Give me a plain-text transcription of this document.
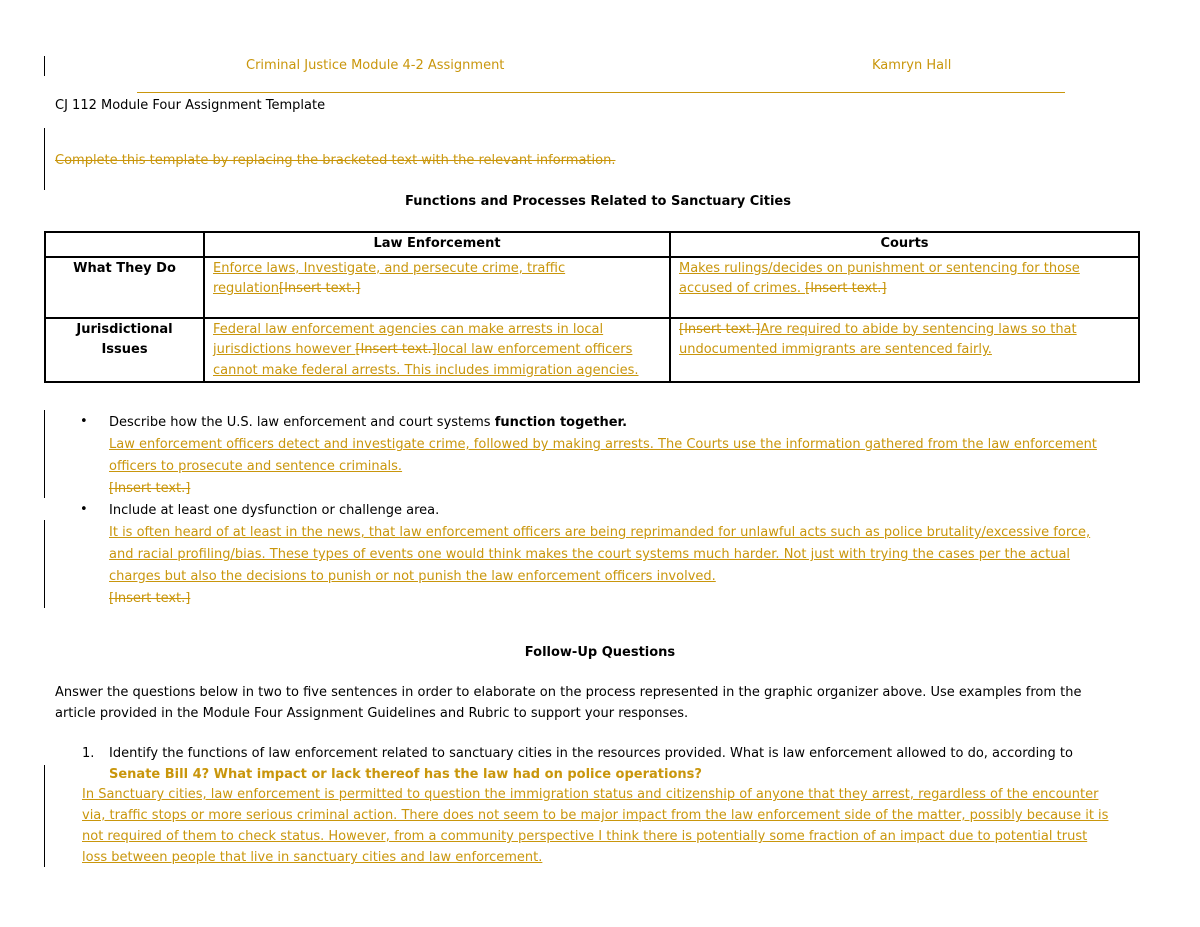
Criminal Justice Module 4-2 Assignment	Kamryn Hall
CJ 112 Module Four Assignment Template
Complete this template by replacing the bracketed text with the relevant information.
Functions and Processes Related to Sanctuary Cities
	Law Enforcement	Courts
What They Do	Enforce laws, Investigate, and persecute crime, traffic regulation[Insert text.]	Makes rulings/decides on punishment or sentencing for those accused of crimes. [Insert text.]
Jurisdictional Issues	Federal law enforcement agencies can make arrests in local jurisdictions however [Insert text.]local law enforcement officers cannot make federal arrests. This includes immigration agencies.	[Insert text.]Are required to abide by sentencing laws so that undocumented immigrants are sentenced fairly.
• Describe how the U.S. law enforcement and court systems function together.
Law enforcement officers detect and investigate crime, followed by making arrests. The Courts use the information gathered from the law enforcement
officers to prosecute and sentence criminals.
[Insert text.]
• Include at least one dysfunction or challenge area.
It is often heard of at least in the news, that law enforcement officers are being reprimanded for unlawful acts such as police brutality/excessive force,
and racial profiling/bias. These types of events one would think makes the court systems much harder. Not just with trying the cases per the actual
charges but also the decisions to punish or not punish the law enforcement officers involved.
[Insert text.]
Follow-Up Questions
Answer the questions below in two to five sentences in order to elaborate on the process represented in the graphic organizer above. Use examples from the
article provided in the Module Four Assignment Guidelines and Rubric to support your responses.
1. Identify the functions of law enforcement related to sanctuary cities in the resources provided. What is law enforcement allowed to do, according to
Senate Bill 4? What impact or lack thereof has the law had on police operations?
In Sanctuary cities, law enforcement is permitted to question the immigration status and citizenship of anyone that they arrest, regardless of the encounter
via, traffic stops or more serious criminal action. There does not seem to be major impact from the law enforcement side of the matter, possibly because it is
not required of them to check status. However, from a community perspective I think there is potentially some fraction of an impact due to potential trust
loss between people that live in sanctuary cities and law enforcement.
